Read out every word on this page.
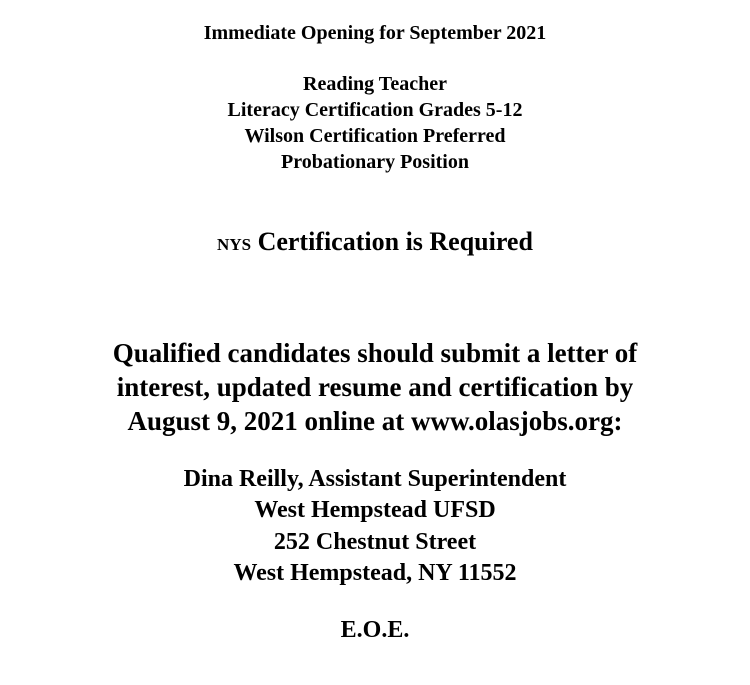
Immediate Opening for September 2021
Reading Teacher
Literacy Certification Grades 5-12
Wilson Certification Preferred
Probationary Position
NYS Certification is Required
Qualified candidates should submit a letter of
interest, updated resume and certification by
August 9, 2021 online at www.olasjobs.org:
Dina Reilly, Assistant Superintendent
West Hempstead UFSD
252 Chestnut Street
West Hempstead, NY 11552
E.O.E.
